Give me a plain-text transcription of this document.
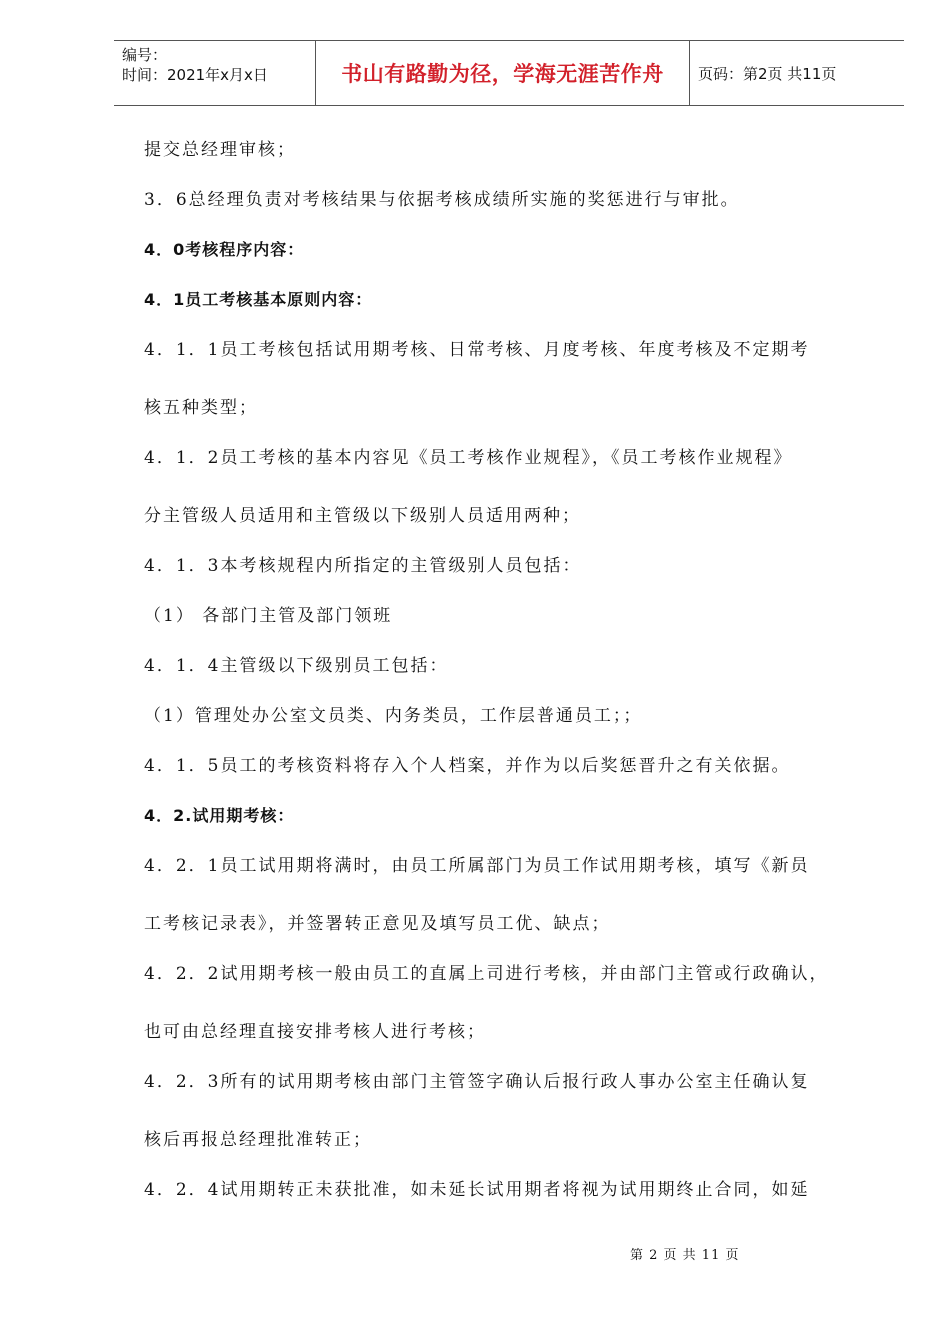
编号：
时间：2021年x月x日	书山有路勤为径，学海无涯苦作舟	页码：第2页 共11页
提交总经理审核；
3．6总经理负责对考核结果与依据考核成绩所实施的奖惩进行与审批。
4．0考核程序内容：
4．1员工考核基本原则内容：
4．1．1员工考核包括试用期考核、日常考核、月度考核、年度考核及不定期考
核五种类型；
4．1．2员工考核的基本内容见《员工考核作业规程》，《员工考核作业规程》
分主管级人员适用和主管级以下级别人员适用两种；
4．1．3本考核规程内所指定的主管级别人员包括：
（1） 各部门主管及部门领班
4．1．4主管级以下级别员工包括：
（1）管理处办公室文员类、内务类员，工作层普通员工；；
4．1．5员工的考核资料将存入个人档案，并作为以后奖惩晋升之有关依据。
4．2.试用期考核：
4．2．1员工试用期将满时，由员工所属部门为员工作试用期考核，填写《新员
工考核记录表》，并签署转正意见及填写员工优、缺点；
4．2．2试用期考核一般由员工的直属上司进行考核，并由部门主管或行政确认，
也可由总经理直接安排考核人进行考核；
4．2．3所有的试用期考核由部门主管签字确认后报行政人事办公室主任确认复
核后再报总经理批准转正；
4．2．4试用期转正未获批准，如未延长试用期者将视为试用期终止合同，如延
第 2 页 共 11 页
